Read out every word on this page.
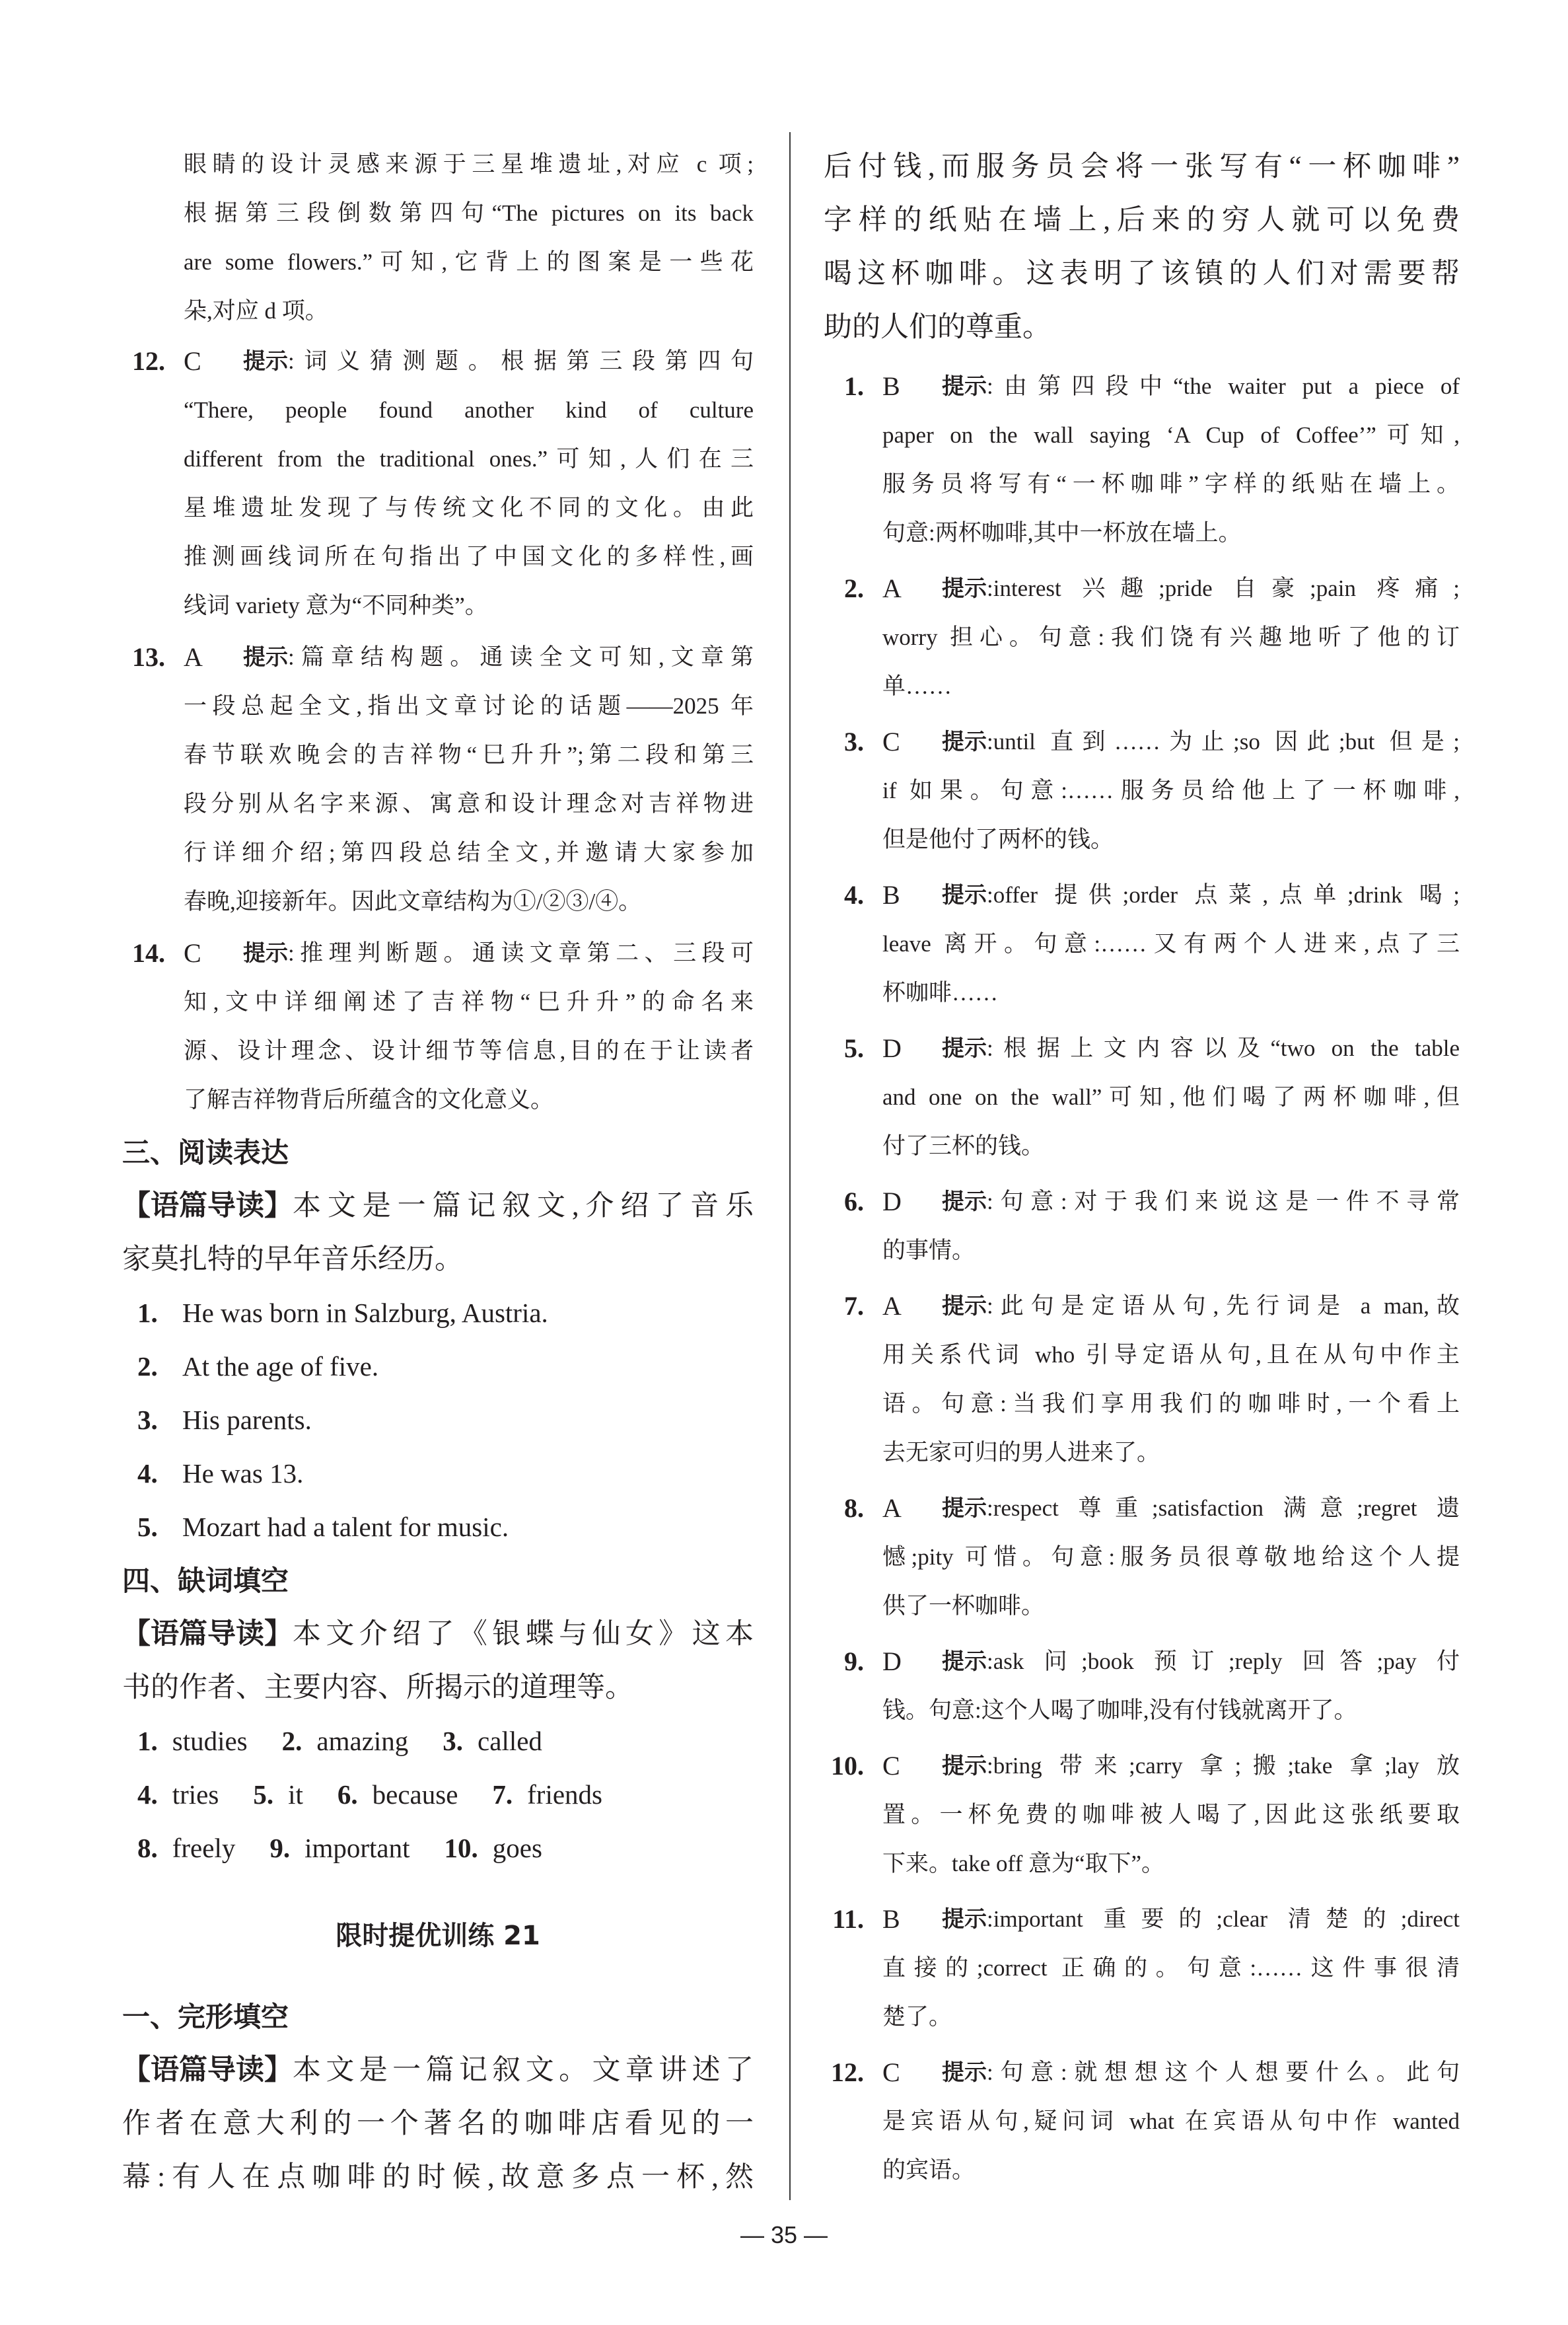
眼睛的设计灵感来源于三星堆遗址,对应 c 项;
根据第三段倒数第四句“The pictures on its back
are some flowers.”可知,它背上的图案是一些花
朵,对应 d 项。
12. C 提示 :词义猜测题。根据第三段第四句
“There, people found another kind of culture
different from the traditional ones.”可知,人们在三
星堆遗址发现了与传统文化不同的文化。由此
推测画线词所在句指出了中国文化的多样性,画
线词 variety 意为“不同种类”。
13. A 提示 :篇章结构题。通读全文可知,文章第
一段总起全文,指出文章讨论的话题——2025 年
春节联欢晚会的吉祥物“巳升升”;第二段和第三
段分别从名字来源、寓意和设计理念对吉祥物进
行详细介绍;第四段总结全文,并邀请大家参加
春晚,迎接新年。因此文章结构为①/②③/④。
14. C 提示 :推理判断题。通读文章第二、三段可
知,文中详细阐述了吉祥物“巳升升”的命名来
源、设计理念、设计细节等信息,目的在于让读者
了解吉祥物背后所蕴含的文化意义。
三、阅读表达
【语篇导读】 本文是一篇记叙文,介绍了音乐
家莫扎特的早年音乐经历。
1. He was born in Salzburg, Austria.
2. At the age of five.
3. His parents.
4. He was 13.
5. Mozart had a talent for music.
四、缺词填空
【语篇导读】 本文介绍了《银蝶与仙女》这本
书的作者、主要内容、所揭示的道理等。
1. studies 2. amazing 3. called
4. tries 5. it 6. because 7. friends
8. freely 9. important 10. goes
限时提优训练 21
一、完形填空
【语篇导读】 本文是一篇记叙文。文章讲述了
作者在意大利的一个著名的咖啡店看见的一
幕:有人在点咖啡的时候,故意多点一杯,然
后付钱,而服务员会将一张写有“一杯咖啡”
字样的纸贴在墙上,后来的穷人就可以免费
喝这杯咖啡。这表明了该镇的人们对需要帮
助的人们的尊重。
1. B 提示 :由第四段中“the waiter put a piece of
paper on the wall saying ‘A Cup of Coffee’”可知,
服务员将写有“一杯咖啡”字样的纸贴在墙上。
句意:两杯咖啡,其中一杯放在墙上。
2. A 提示 :interest 兴趣;pride 自豪;pain 疼痛;
worry 担心。句意:我们饶有兴趣地听了他的订
单……
3. C 提示 :until 直到……为止;so 因此;but 但是;
if 如果。句意:……服务员给他上了一杯咖啡,
但是他付了两杯的钱。
4. B 提示 :offer 提供;order 点菜,点单;drink 喝;
leave 离开。句意:……又有两个人进来,点了三
杯咖啡……
5. D 提示 :根据上文内容以及“two on the table
and one on the wall”可知,他们喝了两杯咖啡,但
付了三杯的钱。
6. D 提示 :句意:对于我们来说这是一件不寻常
的事情。
7. A 提示 :此句是定语从句,先行词是 a man,故
用关系代词 who 引导定语从句,且在从句中作主
语。句意:当我们享用我们的咖啡时,一个看上
去无家可归的男人进来了。
8. A 提示 :respect 尊重;satisfaction 满意;regret 遗
憾;pity 可惜。句意:服务员很尊敬地给这个人提
供了一杯咖啡。
9. D 提示 :ask 问;book 预订;reply 回答;pay 付
钱。句意:这个人喝了咖啡,没有付钱就离开了。
10. C 提示 :bring 带来;carry 拿;搬;take 拿;lay 放
置。一杯免费的咖啡被人喝了,因此这张纸要取
下来。take off 意为“取下”。
11. B 提示 :important 重要的;clear 清楚的;direct
直接的;correct 正确的。句意:……这件事很清
楚了。
12. C 提示 :句意:就想想这个人想要什么。此句
是宾语从句,疑问词 what 在宾语从句中作 wanted
的宾语。
— 35 —
